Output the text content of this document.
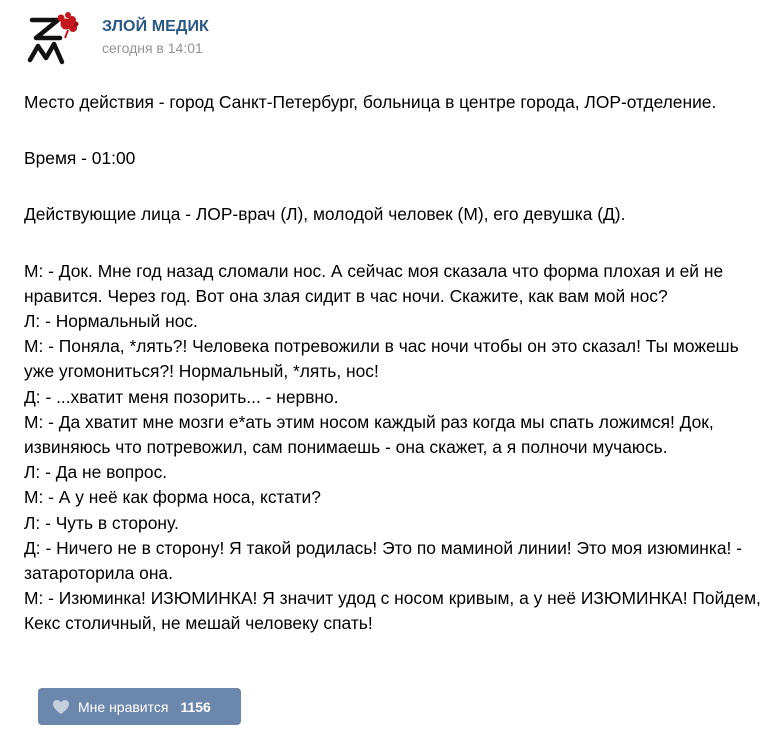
ЗЛОЙ МЕДИК
сегодня в 14:01

Место действия - город Санкт-Петербург, больница в центре города, ЛОР-отделение.

Время - 01:00

Действующие лица - ЛОР-врач (Л), молодой человек (М), его девушка (Д).

М: - Док. Мне год назад сломали нос. А сейчас моя сказала что форма плохая и ей не нравится. Через год. Вот она злая сидит в час ночи. Скажите, как вам мой нос?

Л: - Нормальный нос.

М: - Поняла, *лять?! Человека потревожили в час ночи чтобы он это сказал! Ты можешь уже угомониться?! Нормальный, *лять, нос!

Д: - ...хватит меня позорить... - нервно.

М: - Да хватит мне мозги е*ать этим носом каждый раз когда мы спать ложимся! Док, извиняюсь что потревожил, сам понимаешь - она скажет, а я полночи мучаюсь.

Л: - Да не вопрос.

М: - А у неё как форма носа, кстати?

Л: - Чуть в сторону.

Д: - Ничего не в сторону! Я такой родилась! Это по маминой линии! Это моя изюминка! - затароторила она.

М: - Изюминка! ИЗЮМИНКА! Я значит удод с носом кривым, а у неё ИЗЮМИНКА! Пойдем, Кекс столичный, не мешай человеку спать!

Мне нравится 1156
